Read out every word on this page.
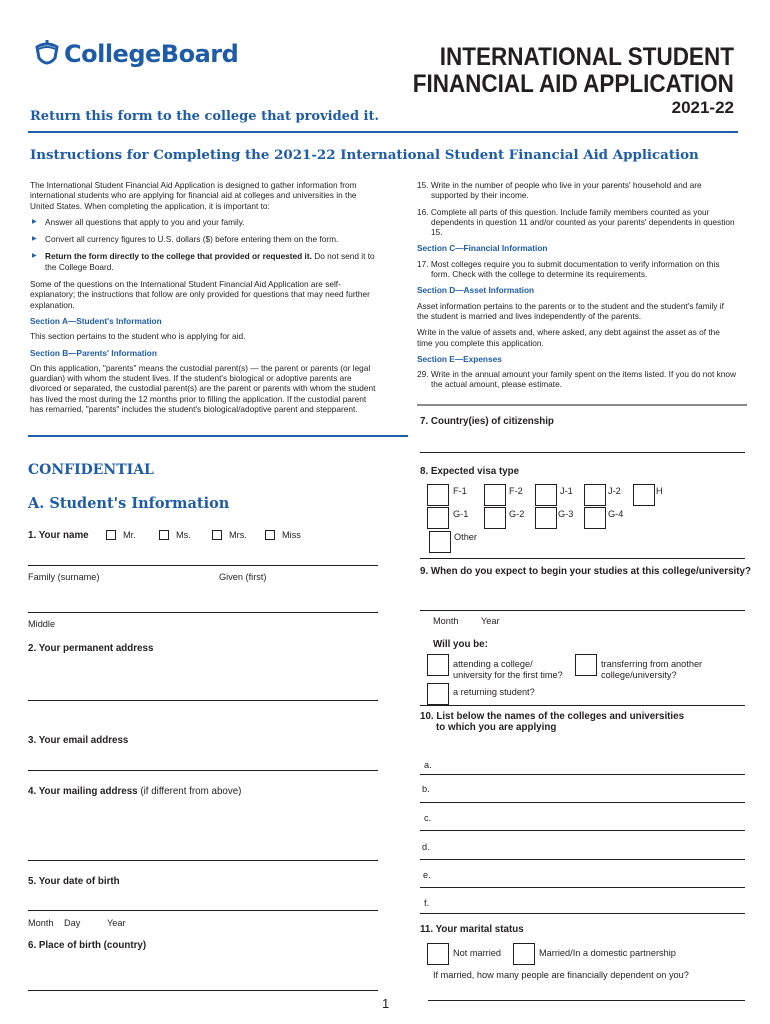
CollegeBoard	INTERNATIONAL STUDENT
FINANCIAL AID APPLICATION
2021-22
Return this form to the college that provided it.
Instructions for Completing the 2021-22 International Student Financial Aid Application

The International Student Financial Aid Application is designed to gather information from international students who are applying for financial aid at colleges and universities in the United States. When completing the application, it is important to:

▶ Answer all questions that apply to you and your family.

▶ Convert all currency figures to U.S. dollars ($) before entering them on the form.

▶ Return the form directly to the college that provided or requested it. Do not send it to the College Board.

Some of the questions on the International Student Financial Aid Application are self-explanatory; the instructions that follow are only provided for questions that may need further explanation.

Section A—Student's Information

This section pertains to the student who is applying for aid.

Section B—Parents' Information

On this application, "parents" means the custodial parent(s) — the parent or parents (or legal guardian) with whom the student lives. If the student's biological or adoptive parents are divorced or separated, the custodial parent(s) are the parent or parents with whom the student has lived the most during the 12 months prior to filling the application. If the custodial parent has remarried, "parents" includes the student's biological/adoptive parent and stepparent.

15. Write in the number of people who live in your parents' household and are supported by their income.

16. Complete all parts of this question. Include family members counted as your dependents in question 11 and/or counted as your parents' dependents in question 15.

Section C—Financial Information

17. Most colleges require you to submit documentation to verify information on this form. Check with the college to determine its requirements.

Section D—Asset Information

Asset information pertains to the parents or to the student and the student's family if the student is married and lives independently of the parents.

Write in the value of assets and, where asked, any debt against the asset as of the time you complete this application.

Section E—Expenses

29. Write in the annual amount your family spent on the items listed. If you do not know the actual amount, please estimate.

CONFIDENTIAL
A. Student's Information
1. Your name	Mr.	Ms.	Mrs.	Miss
Family (surname)	Given (first)
Middle
2. Your permanent address
3. Your email address
4. Your mailing address (if different from above)
5. Your date of birth
Month Day	Year
6. Place of birth (country)
7. Country(ies) of citizenship
8. Expected visa type
F-1	F-2	J-1	J-2	H
G-1	G-2	G-3	G-4
Other
9. When do you expect to begin your studies at this college/university?
Month Year
Will you be:
attending a college/ university for the first time?
transferring from another college/university?
a returning student?
10. List below the names of the colleges and universities
to which you are applying
a.
b.
c.
d.
e.
f.
11. Your marital status
Not married	Married/In a domestic partnership
If married, how many people are financially dependent on you?
1
